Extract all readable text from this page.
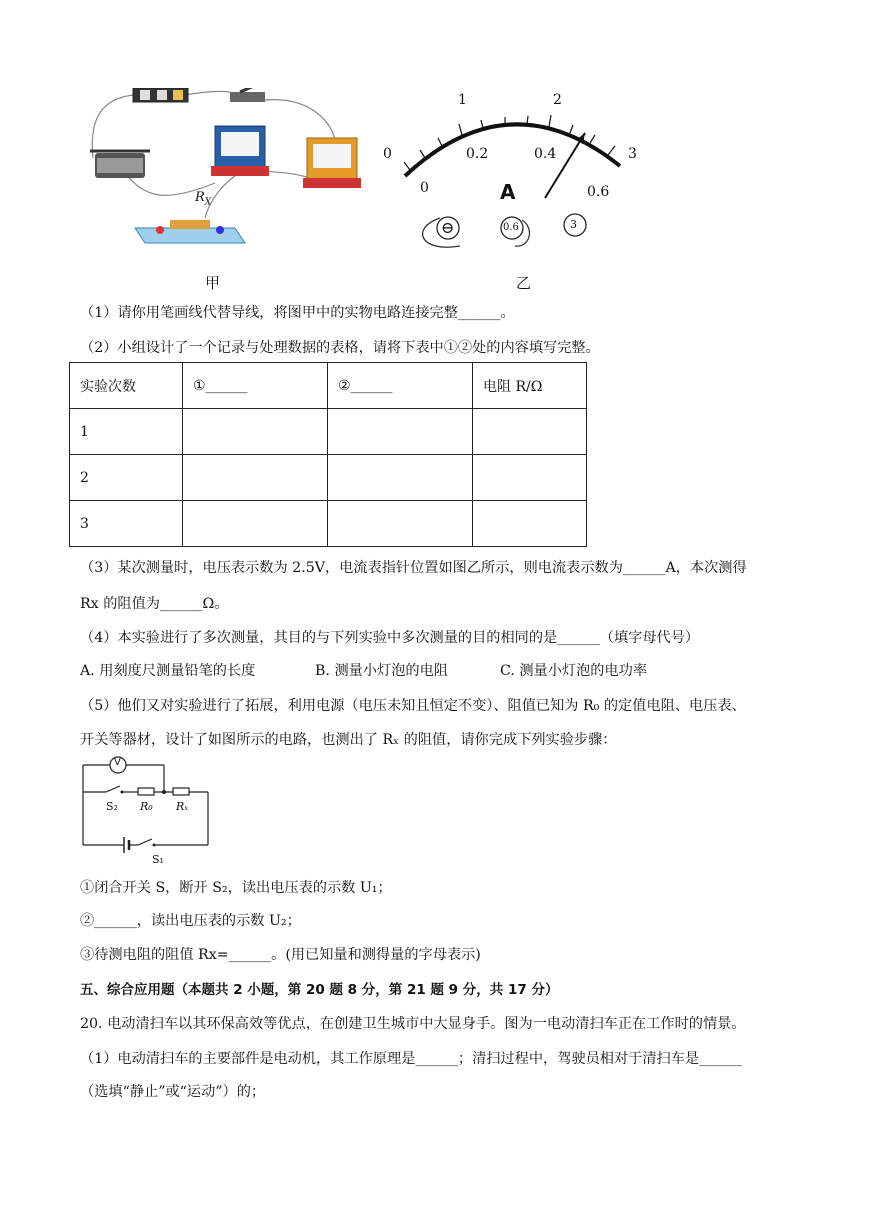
$R_X$
0
1	2
3
0
0.2	0.4
0.6
A
⊖	0.6	3
甲	乙
（1）请你用笔画线代替导线，将图甲中的实物电路连接完整______。
（2）小组设计了一个记录与处理数据的表格，请将下表中①②处的内容填写完整。
实验次数	①______	②______	电阻 R/Ω
1			
2			
3			
（3）某次测量时，电压表示数为 2.5V，电流表指针位置如图乙所示，则电流表示数为______A，本次测得
Rx 的阻值为______Ω。
（4）本实验进行了多次测量，其目的与下列实验中多次测量的目的相同的是______（填字母代号）
A. 用刻度尺测量铅笔的长度	B. 测量小灯泡的电阻	C. 测量小灯泡的电功率
（5）他们又对实验进行了拓展，利用电源（电压未知且恒定不变）、阻值已知为 R₀ 的定值电阻、电压表、
开关等器材，设计了如图所示的电路，也测出了 Rₓ 的阻值，请你完成下列实验步骤：
V
S₂ R₀ Rₓ
S₁
①闭合开关 S，断开 S₂，读出电压表的示数 U₁；
②______，读出电压表的示数 U₂；
③待测电阻的阻值 Rx=______。(用已知量和测得量的字母表示)
五、综合应用题（本题共 2 小题，第 20 题 8 分，第 21 题 9 分，共 17 分）
20. 电动清扫车以其环保高效等优点，在创建卫生城市中大显身手。图为一电动清扫车正在工作时的情景。
（1）电动清扫车的主要部件是电动机，其工作原理是______；清扫过程中，驾驶员相对于清扫车是______
（选填“静止”或“运动”）的；
